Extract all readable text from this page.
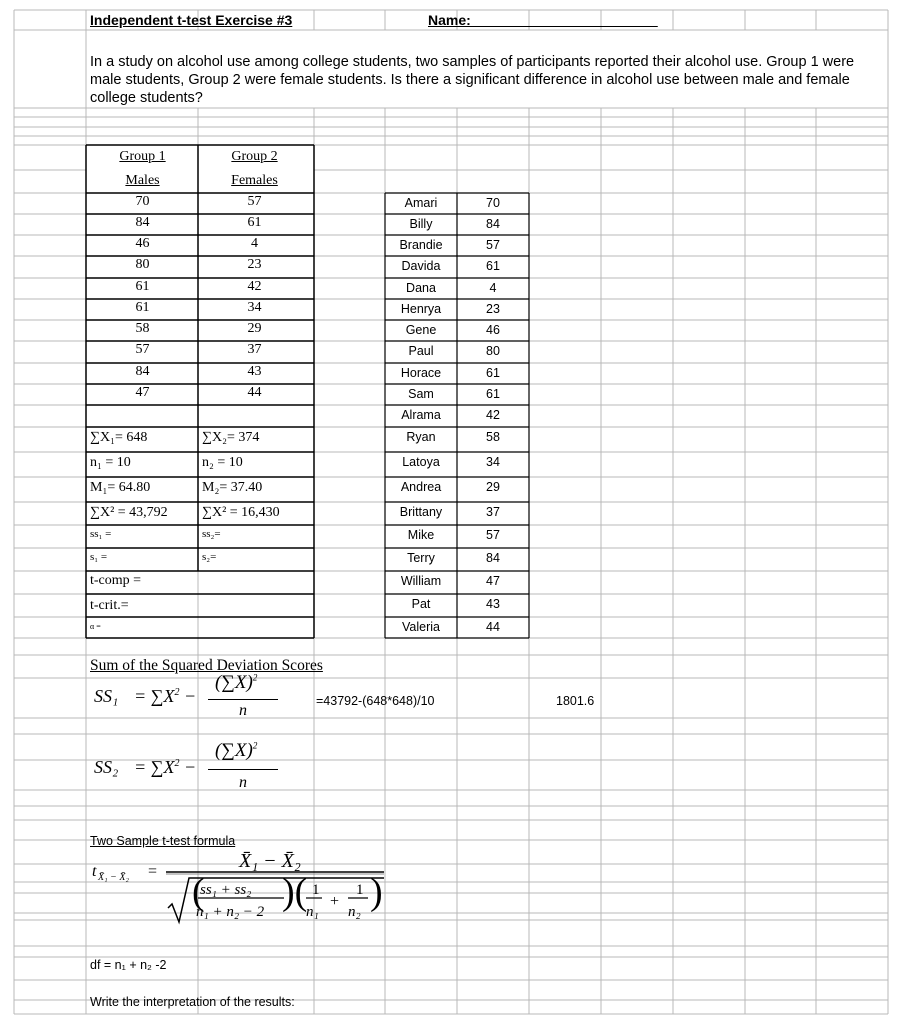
Independent t-test Exercise #3	Name:________________________
In a study on alcohol use among college students, two samples of participants reported their alcohol use. Group 1 were male students, Group 2 were female students. Is there a significant difference in alcohol use between male and female college students?
Group 1	Group 2
Males	Females
70	57
84	61
46	4
80	23
61	42
61	34
58	29
57	37
84	43
47	44
∑X₁= 648	∑X₂= 374
n₁ = 10	n₂ = 10
M₁= 64.80	M₂= 37.40
∑X² = 43,792 ∑X² = 16,430
ss₁ =	ss₂=
s₁ =	s₂=
t-comp =
t-crit.=
α =
Amari	70
Billy	84
Brandie	57
Davida	61
Dana	4
Henrya	23
Gene	46
Paul	80
Horace	61
Sam	61
Alrama	42
Ryan	58
Latoya	34
Andrea	29
Brittany	37
Mike	57
Terry	84
William	47
Pat	43
Valeria	44
Sum of the Squared Deviation Scores
$SS_1 = \sum X^2$ −
$(\sum X)^2$
n
=43792-(648*648)/10	1801.6
$SS_2 = \sum X^2$ −
$(\sum X)^2$
n
Two Sample t-test formula
t X̄₁ − X̄₂ =	X̄₁ − X̄₂
(
ss₁ + ss₂
n₁ + n₂ − 2 )( 1
n₁
+
1
n₂ )
df = n₁ + n₂ -2
Write the interpretation of the results:
